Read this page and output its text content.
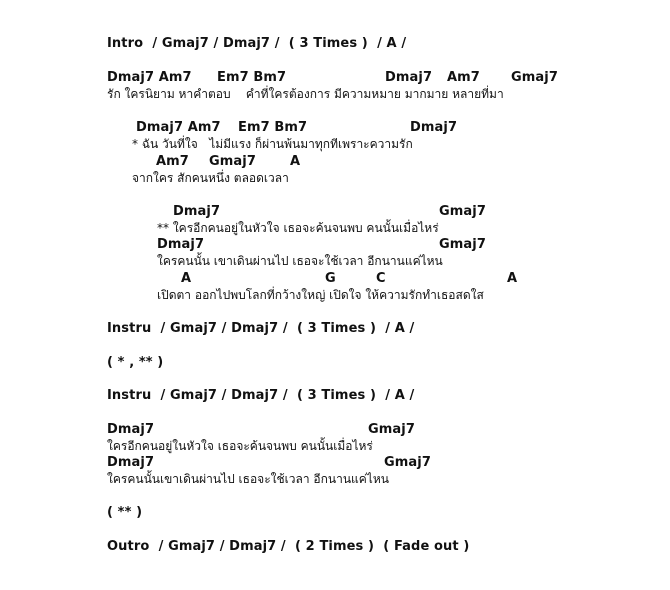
Intro  / Gmaj7 / Dmaj7 /  ( 3 Times )  / A /
Dmaj7 Am7 Em7 Bm7	Dmaj7 Am7 Gmaj7
รัก ใครนิยาม หาคำตอบ    คำที่ใครต้องการ มีความหมาย มากมาย หลายที่มา
Dmaj7 Am7 Em7 Bm7	Dmaj7
* ฉัน วันที่ใจ   ไม่มีแรง ก็ผ่านพ้นมาทุกทีเพราะความรัก
Am7 Gmaj7	A
จากใคร สักคนหนึ่ง ตลอดเวลา
Dmaj7	Gmaj7
** ใครอีกคนอยู่ในหัวใจ เธอจะค้นจนพบ คนนั้นเมื่อไหร่
Dmaj7	Gmaj7
ใครคนนั้น เขาเดินผ่านไป เธอจะใช้เวลา อีกนานแค่ไหน
A	G	C	A
เปิดตา ออกไปพบโลกที่กว้างใหญ่ เปิดใจ ให้ความรักทำเธอสดใส
Instru  / Gmaj7 / Dmaj7 /  ( 3 Times )  / A /
( * , ** )
Instru  / Gmaj7 / Dmaj7 /  ( 3 Times )  / A /
Dmaj7	Gmaj7
ใครอีกคนอยู่ในหัวใจ เธอจะค้นจนพบ คนนั้นเมื่อไหร่
Dmaj7	Gmaj7
ใครคนนั้นเขาเดินผ่านไป เธอจะใช้เวลา อีกนานแค่ไหน
( ** )
Outro  / Gmaj7 / Dmaj7 /  ( 2 Times )  ( Fade out )
